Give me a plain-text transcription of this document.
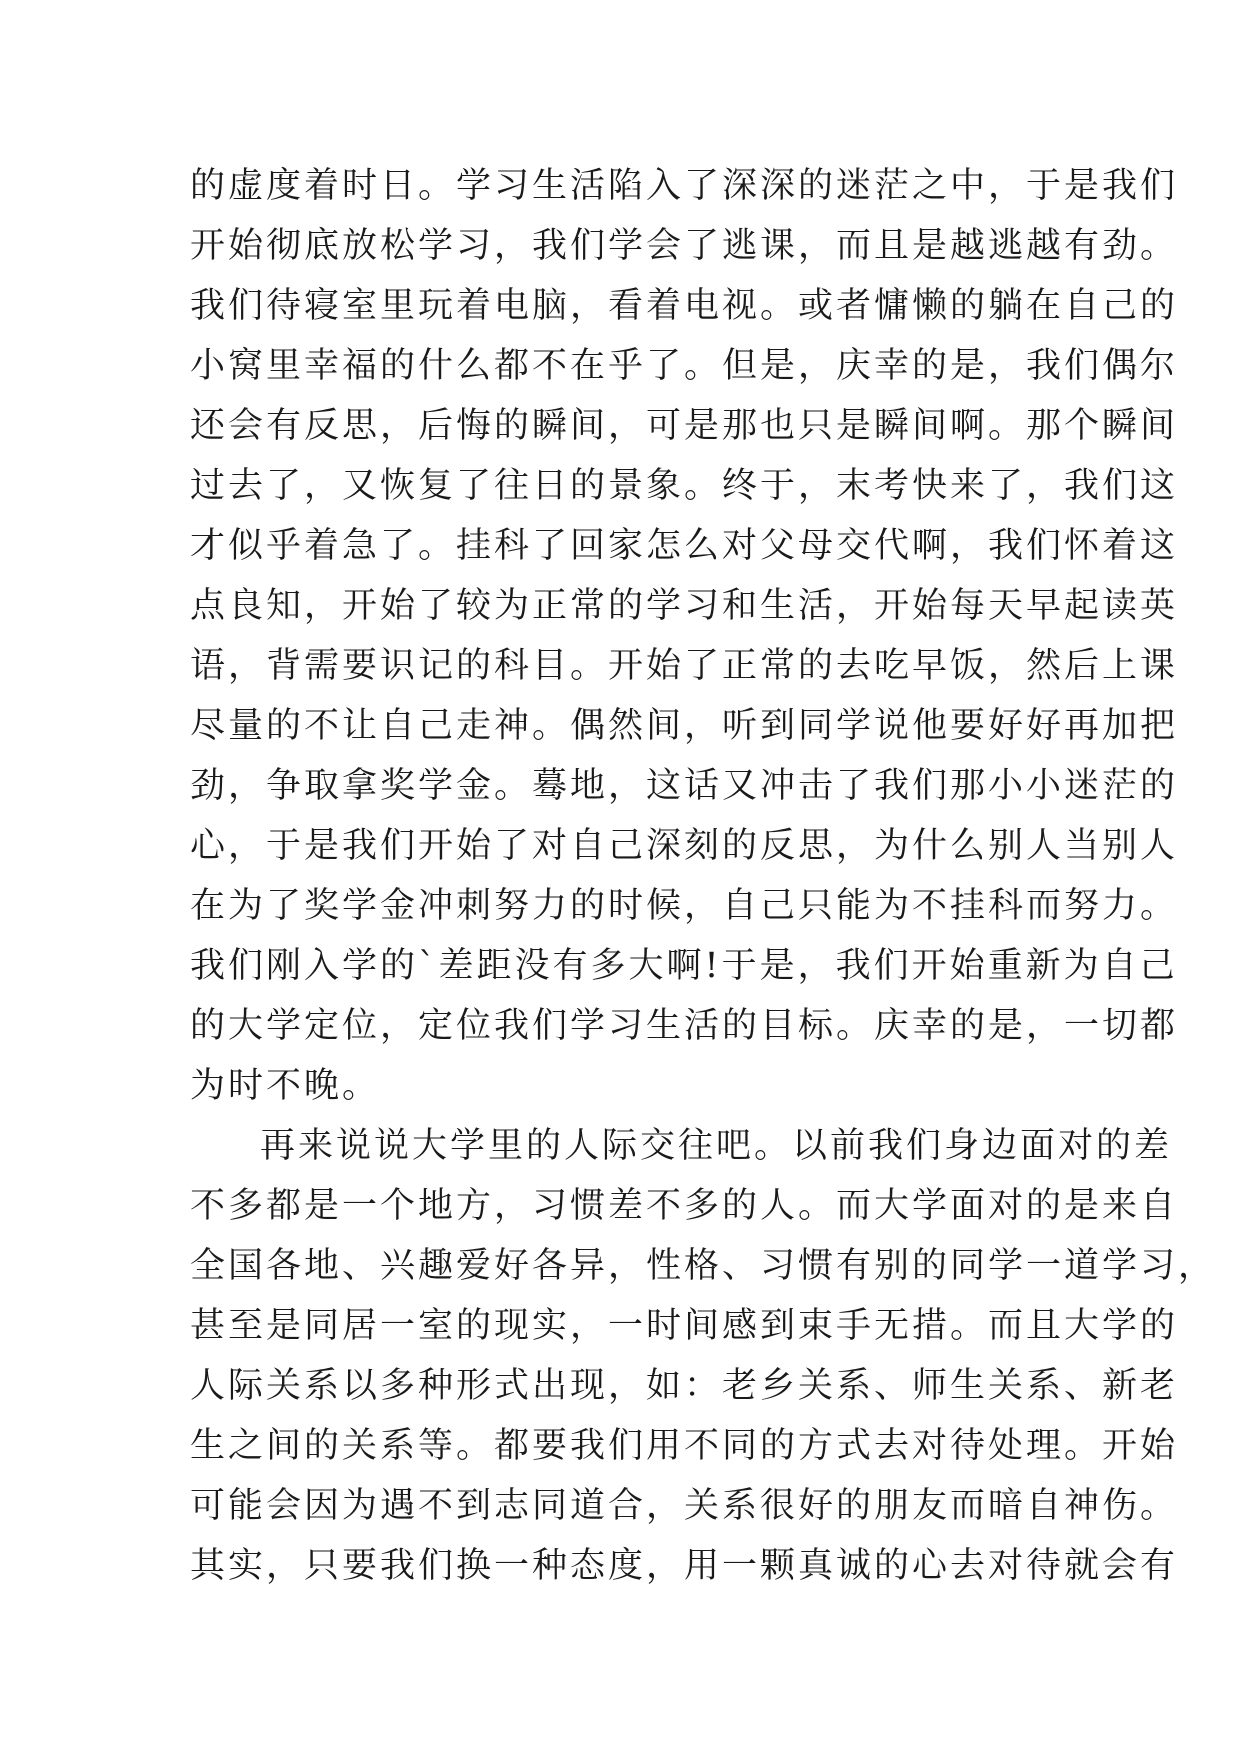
的虚度着时日。学习生活陷入了深深的迷茫之中，于是我们
开始彻底放松学习，我们学会了逃课，而且是越逃越有劲。
我们待寝室里玩着电脑，看着电视。或者慵懒的躺在自己的
小窝里幸福的什么都不在乎了。但是，庆幸的是，我们偶尔
还会有反思，后悔的瞬间，可是那也只是瞬间啊。那个瞬间
过去了，又恢复了往日的景象。终于，末考快来了，我们这
才似乎着急了。挂科了回家怎么对父母交代啊，我们怀着这
点良知，开始了较为正常的学习和生活，开始每天早起读英
语，背需要识记的科目。开始了正常的去吃早饭，然后上课
尽量的不让自己走神。偶然间，听到同学说他要好好再加把
劲，争取拿奖学金。蓦地，这话又冲击了我们那小小迷茫的
心，于是我们开始了对自己深刻的反思，为什么别人当别人
在为了奖学金冲刺努力的时候，自己只能为不挂科而努力。
我们刚入学的`差距没有多大啊!于是，我们开始重新为自己
的大学定位，定位我们学习生活的目标。庆幸的是，一切都
为时不晚。
再来说说大学里的人际交往吧。以前我们身边面对的差
不多都是一个地方，习惯差不多的人。而大学面对的是来自
全国各地、兴趣爱好各异，性格、习惯有别的同学一道学习，
甚至是同居一室的现实，一时间感到束手无措。而且大学的
人际关系以多种形式出现，如：老乡关系、师生关系、新老
生之间的关系等。都要我们用不同的方式去对待处理。开始
可能会因为遇不到志同道合，关系很好的朋友而暗自神伤。
其实，只要我们换一种态度，用一颗真诚的心去对待就会有
